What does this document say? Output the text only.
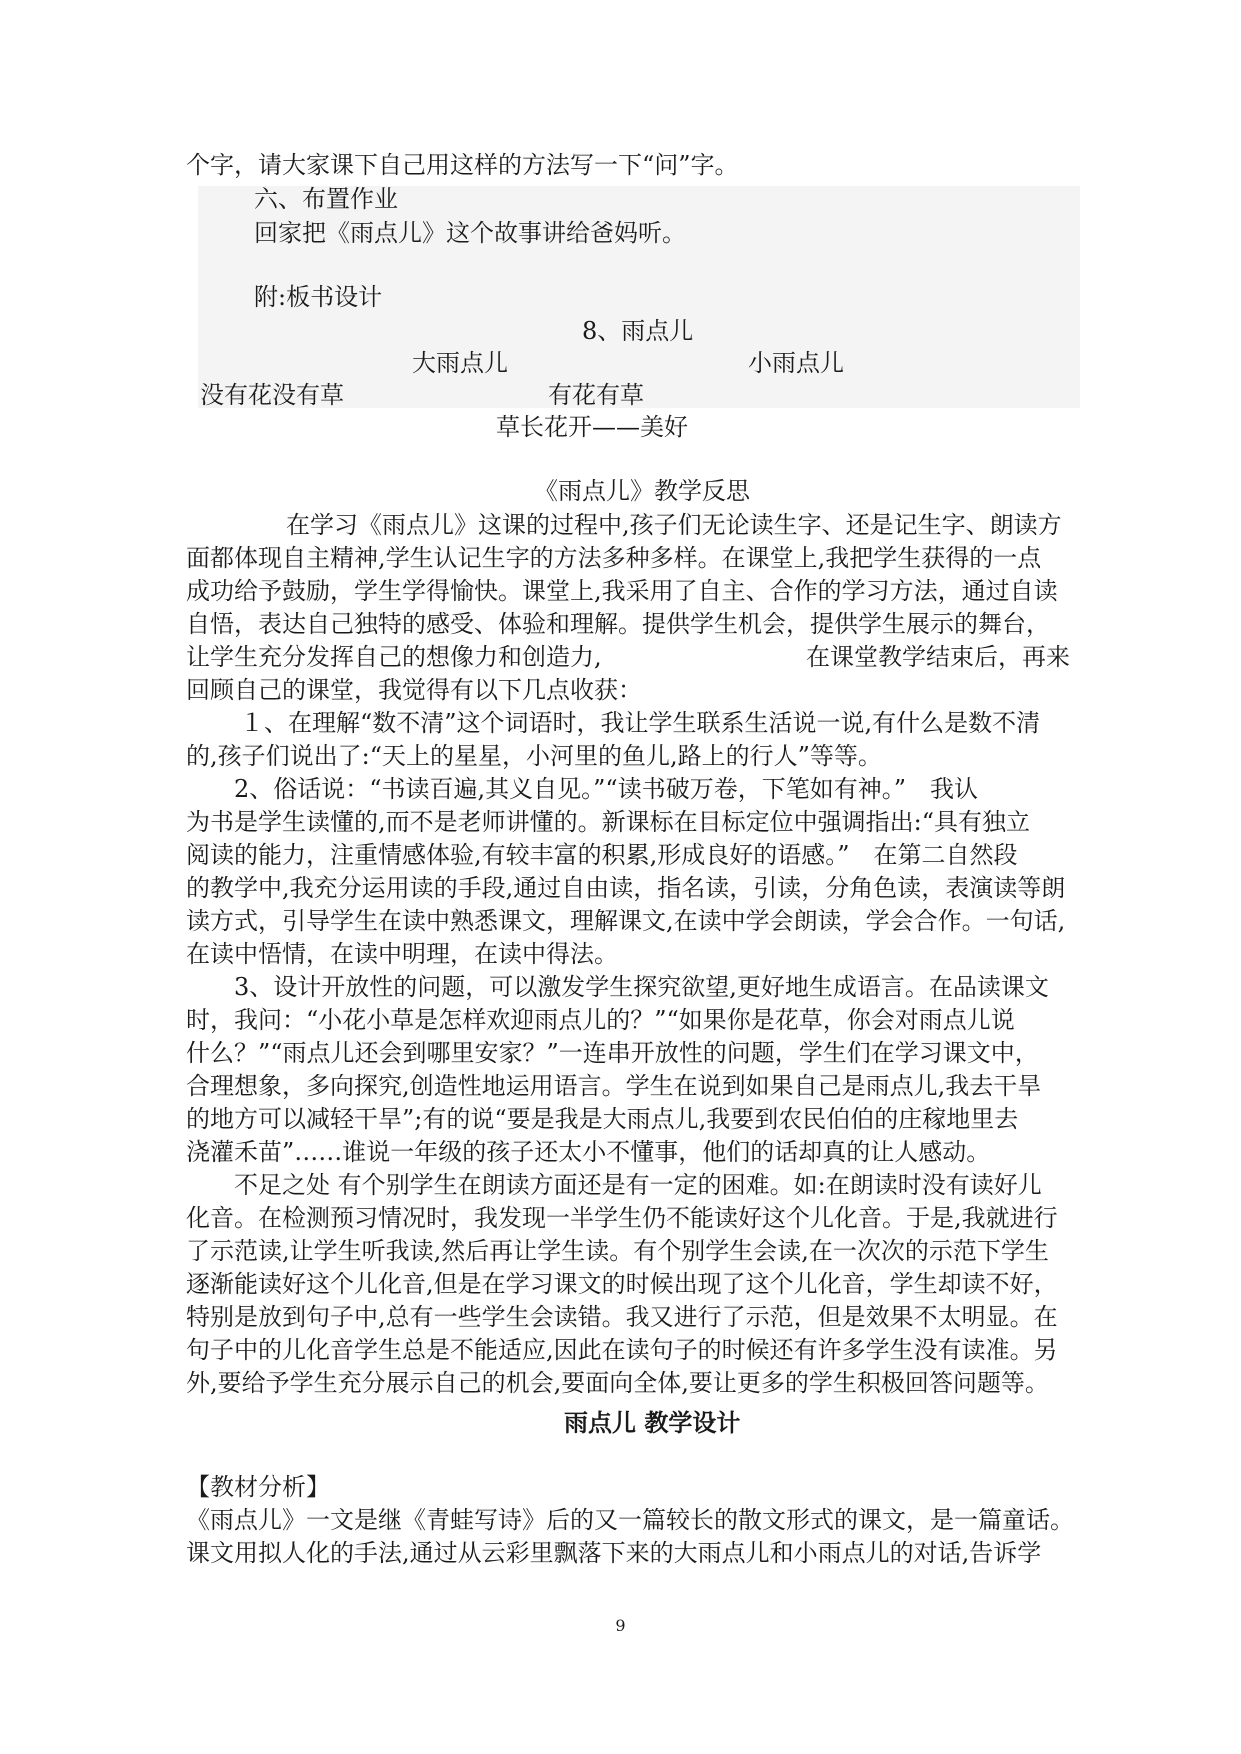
个字，请大家课下自己用这样的方法写一下“问”字。
六、布置作业
回家把《雨点儿》这个故事讲给爸妈听。
附:板书设计
8、雨点儿
大雨点儿	小雨点儿
没有花没有草	有花有草
草长花开——美好
《雨点儿》教学反思
在学习《雨点儿》这课的过程中,孩子们无论读生字、还是记生字、朗读方
面都体现自主精神,学生认记生字的方法多种多样。在课堂上,我把学生获得的一点
成功给予鼓励，学生学得愉快。课堂上,我采用了自主、合作的学习方法，通过自读
自悟，表达自己独特的感受、体验和理解。提供学生机会，提供学生展示的舞台，
让学生充分发挥自己的想像力和创造力,	在课堂教学结束后，再来
回顾自己的课堂，我觉得有以下几点收获：
１、在理解“数不清”这个词语时，我让学生联系生活说一说,有什么是数不清
的,孩子们说出了:“天上的星星，小河里的鱼儿,路上的行人”等等。
2、俗话说：“书读百遍,其义自见。”“读书破万卷，下笔如有神。”　我认
为书是学生读懂的,而不是老师讲懂的。新课标在目标定位中强调指出:“具有独立
阅读的能力，注重情感体验,有较丰富的积累,形成良好的语感。”　在第二自然段
的教学中,我充分运用读的手段,通过自由读，指名读，引读，分角色读，表演读等朗
读方式，引导学生在读中熟悉课文，理解课文,在读中学会朗读，学会合作。一句话,
在读中悟情，在读中明理，在读中得法。
3、设计开放性的问题，可以激发学生探究欲望,更好地生成语言。在品读课文
时，我问：“小花小草是怎样欢迎雨点儿的？”“如果你是花草，你会对雨点儿说
什么？”“雨点儿还会到哪里安家？”一连串开放性的问题，学生们在学习课文中，
合理想象，多向探究,创造性地运用语言。学生在说到如果自己是雨点儿,我去干旱
的地方可以减轻干旱”;有的说“要是我是大雨点儿,我要到农民伯伯的庄稼地里去
浇灌禾苗”……谁说一年级的孩子还太小不懂事，他们的话却真的让人感动。
不足之处 有个别学生在朗读方面还是有一定的困难。如:在朗读时没有读好儿
化音。在检测预习情况时，我发现一半学生仍不能读好这个儿化音。于是,我就进行
了示范读,让学生听我读,然后再让学生读。有个别学生会读,在一次次的示范下学生
逐渐能读好这个儿化音,但是在学习课文的时候出现了这个儿化音，学生却读不好，
特别是放到句子中,总有一些学生会读错。我又进行了示范，但是效果不太明显。在
句子中的儿化音学生总是不能适应,因此在读句子的时候还有许多学生没有读准。另
外,要给予学生充分展示自己的机会,要面向全体,要让更多的学生积极回答问题等。
雨点儿 教学设计
【教材分析】
《雨点儿》一文是继《青蛙写诗》后的又一篇较长的散文形式的课文，是一篇童话。
课文用拟人化的手法,通过从云彩里飘落下来的大雨点儿和小雨点儿的对话,告诉学
9
